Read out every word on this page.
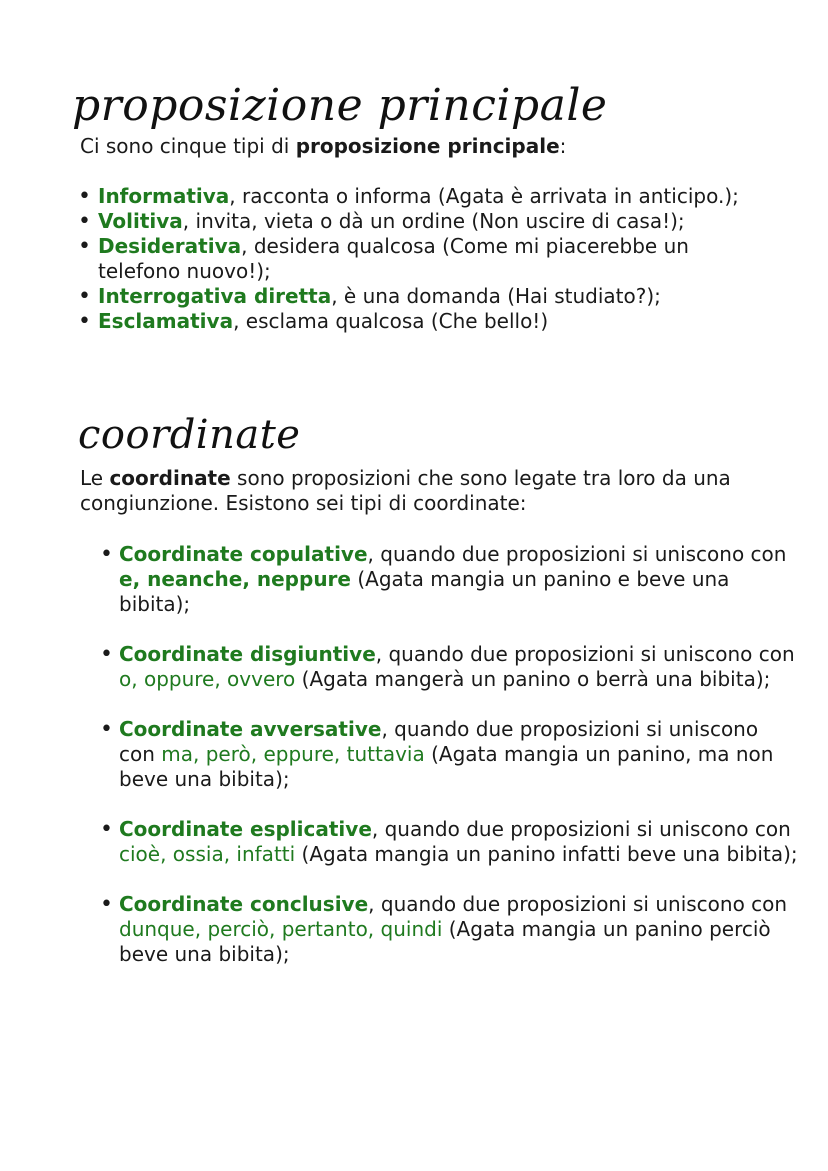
proposizione principale

Ci sono cinque tipi di proposizione principale:

• Informativa, racconta o informa (Agata è arrivata in anticipo.);
• Volitiva, invita, vieta o dà un ordine (Non uscire di casa!);
• Desiderativa, desidera qualcosa (Come mi piacerebbe un telefono nuovo!);
• Interrogativa diretta, è una domanda (Hai studiato?);
• Esclamativa, esclama qualcosa (Che bello!)
coordinate

Le coordinate sono proposizioni che sono legate tra loro da una congiunzione. Esistono sei tipi di coordinate:

• Coordinate copulative, quando due proposizioni si uniscono con e, neanche, neppure (Agata mangia un panino e beve una bibita);
• Coordinate disgiuntive, quando due proposizioni si uniscono con o, oppure, ovvero (Agata mangerà un panino o berrà una bibita);
• Coordinate avversative, quando due proposizioni si uniscono con ma, però, eppure, tuttavia (Agata mangia un panino, ma non beve una bibita);
• Coordinate esplicative, quando due proposizioni si uniscono con cioè, ossia, infatti (Agata mangia un panino infatti beve una bibita);
• Coordinate conclusive, quando due proposizioni si uniscono con dunque, perciò, pertanto, quindi (Agata mangia un panino perciò beve una bibita);
